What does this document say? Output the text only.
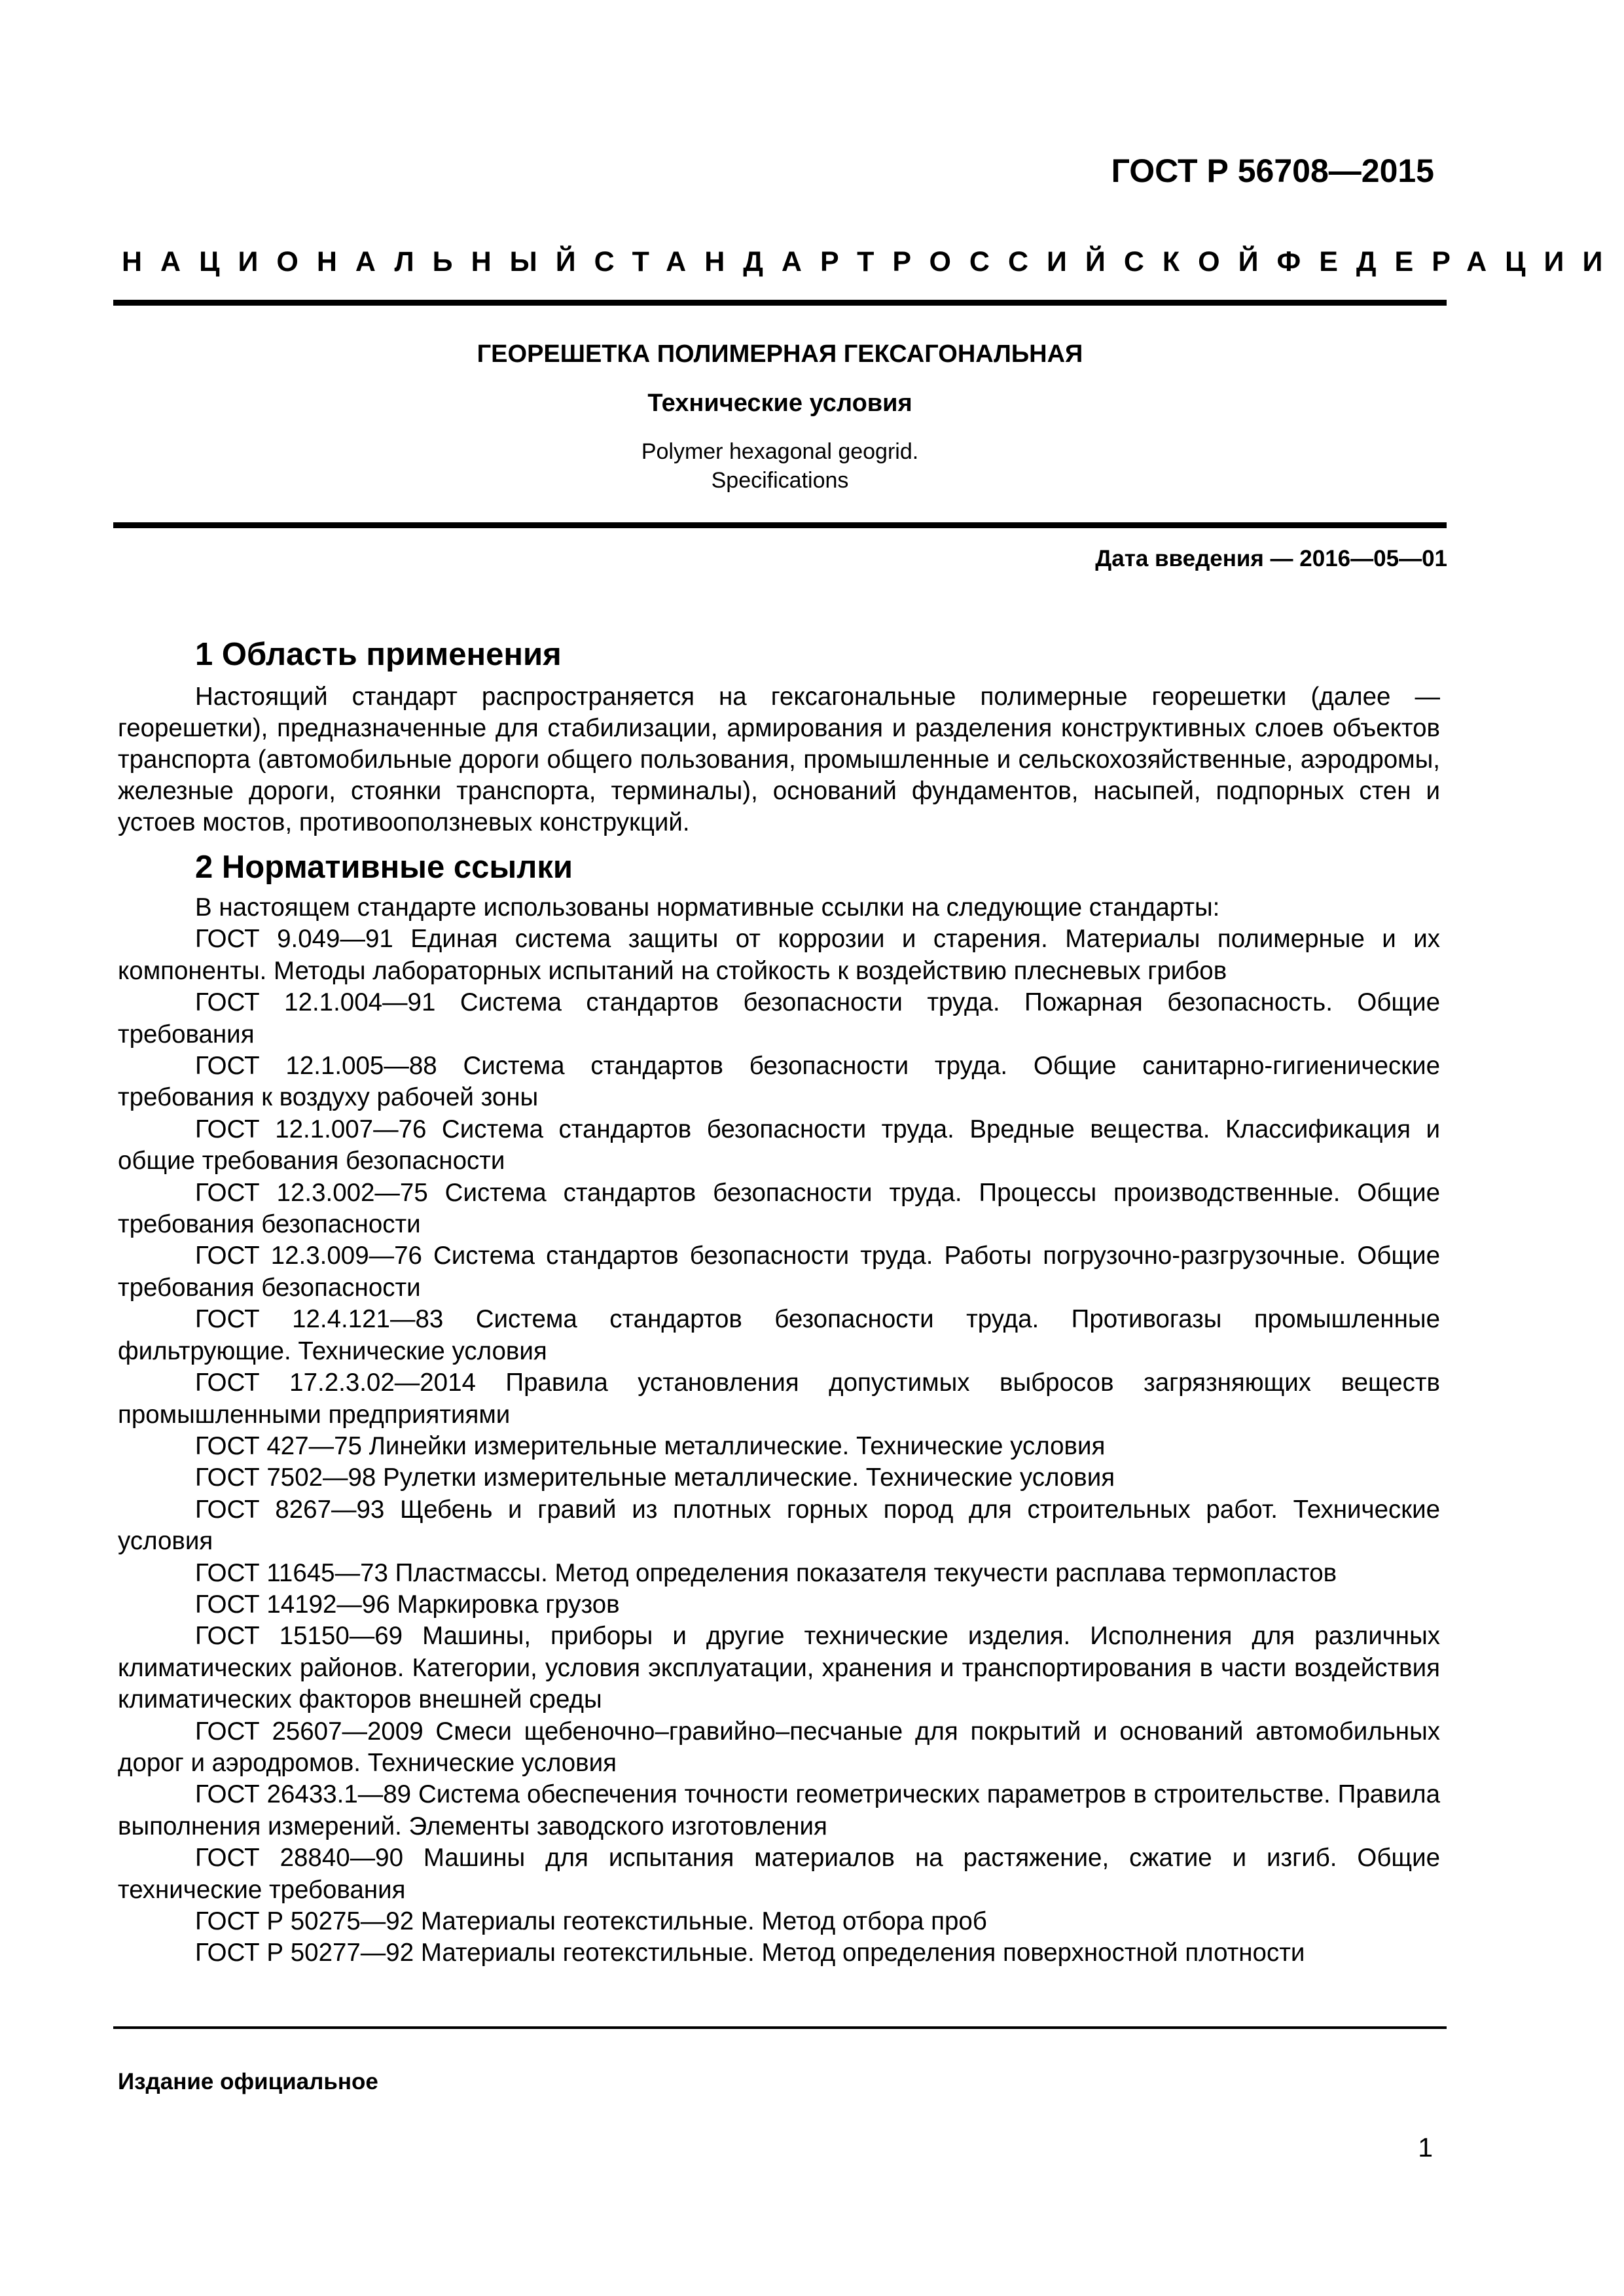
ГОСТ Р 56708—2015
НАЦИОНАЛЬНЫЙ СТАНДАРТ РОССИЙСКОЙ ФЕДЕРАЦИИ
ГЕОРЕШЕТКА ПОЛИМЕРНАЯ ГЕКСАГОНАЛЬНАЯ
Технические условия
Polymer hexagonal geogrid.
Specifications
Дата введения — 2016—05—01
1 Область применения
Настоящий стандарт распространяется на гексагональные полимерные георешетки (далее — георешетки), предназначенные для стабилизации, армирования и разделения конструктивных слоев объектов транспорта (автомобильные дороги общего пользования, промышленные и сельскохозяйственные, аэродромы, железные дороги, стоянки транспорта, терминалы), оснований фундаментов, насыпей, подпорных стен и устоев мостов, противооползневых конструкций.
2 Нормативные ссылки
В настоящем стандарте использованы нормативные ссылки на следующие стандарты:
ГОСТ 9.049—91 Единая система защиты от коррозии и старения. Материалы полимерные и их компоненты. Методы лабораторных испытаний на стойкость к воздействию плесневых грибов
ГОСТ 12.1.004—91 Система стандартов безопасности труда. Пожарная безопасность. Общие требования
ГОСТ 12.1.005—88 Система стандартов безопасности труда. Общие санитарно-гигиенические требования к воздуху рабочей зоны
ГОСТ 12.1.007—76 Система стандартов безопасности труда. Вредные вещества. Классификация и общие требования безопасности
ГОСТ 12.3.002—75 Система стандартов безопасности труда. Процессы производственные. Общие требования безопасности
ГОСТ 12.3.009—76 Система стандартов безопасности труда. Работы погрузочно-разгрузочные. Общие требования безопасности
ГОСТ 12.4.121—83 Система стандартов безопасности труда. Противогазы промышленные фильтрующие. Технические условия
ГОСТ 17.2.3.02—2014 Правила установления допустимых выбросов загрязняющих веществ промышленными предприятиями
ГОСТ 427—75 Линейки измерительные металлические. Технические условия
ГОСТ 7502—98 Рулетки измерительные металлические. Технические условия
ГОСТ 8267—93 Щебень и гравий из плотных горных пород для строительных работ. Технические условия
ГОСТ 11645—73 Пластмассы. Метод определения показателя текучести расплава термопластов
ГОСТ 14192—96 Маркировка грузов
ГОСТ 15150—69 Машины, приборы и другие технические изделия. Исполнения для различных климатических районов. Категории, условия эксплуатации, хранения и транспортирования в части воздействия климатических факторов внешней среды
ГОСТ 25607—2009 Смеси щебеночно–гравийно–песчаные для покрытий и оснований автомобильных дорог и аэродромов. Технические условия
ГОСТ 26433.1—89 Система обеспечения точности геометрических параметров в строительстве. Правила выполнения измерений. Элементы заводского изготовления
ГОСТ 28840—90 Машины для испытания материалов на растяжение, сжатие и изгиб. Общие технические требования
ГОСТ Р 50275—92 Материалы геотекстильные. Метод отбора проб
ГОСТ Р 50277—92 Материалы геотекстильные. Метод определения поверхностной плотности
Издание официальное
1
